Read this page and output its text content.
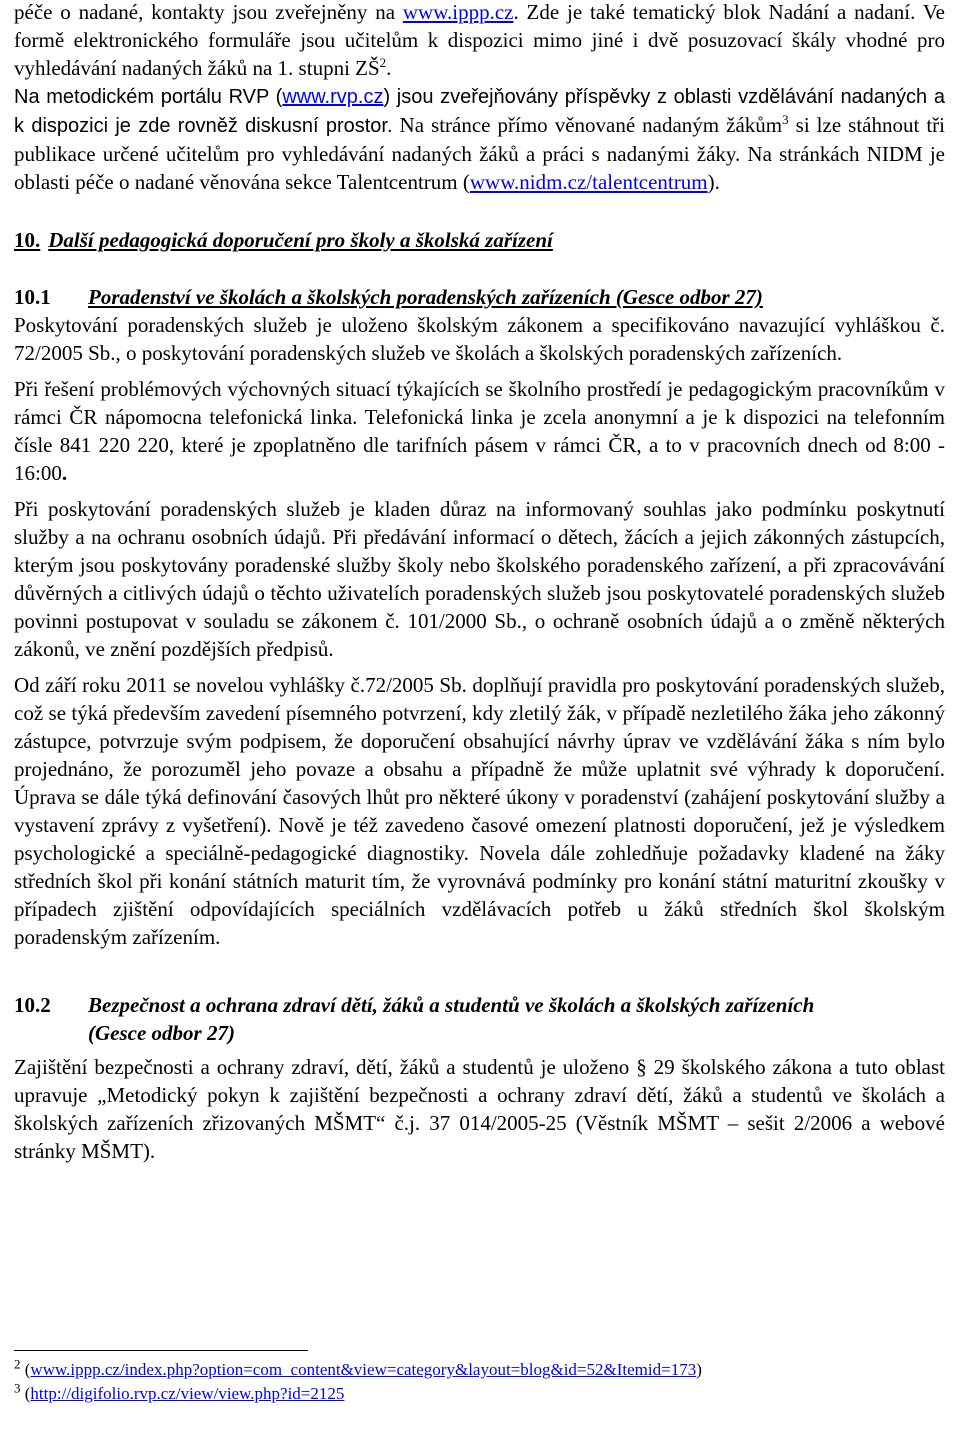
péče o nadané, kontakty jsou zveřejněny na www.ippp.cz. Zde je také tematický blok Nadání a nadaní. Ve formě elektronického formuláře jsou učitelům k dispozici mimo jiné i dvě posuzovací škály vhodné pro vyhledávání nadaných žáků na 1. stupni $ZŠ^2$.

Na metodickém portálu RVP (www.rvp.cz) jsou zveřejňovány příspěvky z oblasti vzdělávání nadaných a k dispozici je zde rovněž diskusní prostor. Na stránce přímo věnované nadaným žákům$^3$ si lze stáhnout tři publikace určené učitelům pro vyhledávání nadaných žáků a práci s nadanými žáky. Na stránkách NIDM je oblasti péče o nadané věnována sekce Talentcentrum (www.nidm.cz/talentcentrum).

10. Další pedagogická doporučení pro školy a školská zařízení
10.1	Poradenství ve školách a školských poradenských zařízeních (Gesce odbor 27)

Poskytování poradenských služeb je uloženo školským zákonem a specifikováno navazující vyhláškou č. 72/2005 Sb., o poskytování poradenských služeb ve školách a školských poradenských zařízeních.

Při řešení problémových výchovných situací týkajících se školního prostředí je pedagogickým pracovníkům v rámci ČR nápomocna telefonická linka. Telefonická linka je zcela anonymní a je k dispozici na telefonním čísle 841 220 220, které je zpoplatněno dle tarifních pásem v rámci ČR, a to v pracovních dnech od 8:00 - 16:00.

Při poskytování poradenských služeb je kladen důraz na informovaný souhlas jako podmínku poskytnutí služby a na ochranu osobních údajů. Při předávání informací o dětech, žácích a jejich zákonných zástupcích, kterým jsou poskytovány poradenské služby školy nebo školského poradenského zařízení, a při zpracovávání důvěrných a citlivých údajů o těchto uživatelích poradenských služeb jsou poskytovatelé poradenských služeb povinni postupovat v souladu se zákonem č. 101/2000 Sb., o ochraně osobních údajů a o změně některých zákonů, ve znění pozdějších předpisů.

Od září roku 2011 se novelou vyhlášky č.72/2005 Sb. doplňují pravidla pro poskytování poradenských služeb, což se týká především zavedení písemného potvrzení, kdy zletilý žák, v případě nezletilého žáka jeho zákonný zástupce, potvrzuje svým podpisem, že doporučení obsahující návrhy úprav ve vzdělávání žáka s ním bylo projednáno, že porozuměl jeho povaze a obsahu a případně že může uplatnit své výhrady k doporučení. Úprava se dále týká definování časových lhůt pro některé úkony v poradenství (zahájení poskytování služby a vystavení zprávy z vyšetření). Nově je též zavedeno časové omezení platnosti doporučení, jež je výsledkem psychologické a speciálně-pedagogické diagnostiky. Novela dále zohledňuje požadavky kladené na žáky středních škol při konání státních maturit tím, že vyrovnává podmínky pro konání státní maturitní zkoušky v případech zjištění odpovídajících speciálních vzdělávacích potřeb u žáků středních škol školským poradenským zařízením.

10.2	Bezpečnost a ochrana zdraví dětí, žáků a studentů ve školách a školských zařízeních
(Gesce odbor 27)

Zajištění bezpečnosti a ochrany zdraví, dětí, žáků a studentů je uloženo § 29 školského zákona a tuto oblast upravuje „Metodický pokyn k zajištění bezpečnosti a ochrany zdraví dětí, žáků a studentů ve školách a školských zařízeních zřizovaných MŠMT“ č.j. 37 014/2005-25 (Věstník MŠMT – sešit 2/2006 a webové stránky MŠMT).

$^2$ (www.ippp.cz/index.php?option=com_content&view=category&layout=blog&id=52&Itemid=173)
$^3$ (http://digifolio.rvp.cz/view/view.php?id=2125
